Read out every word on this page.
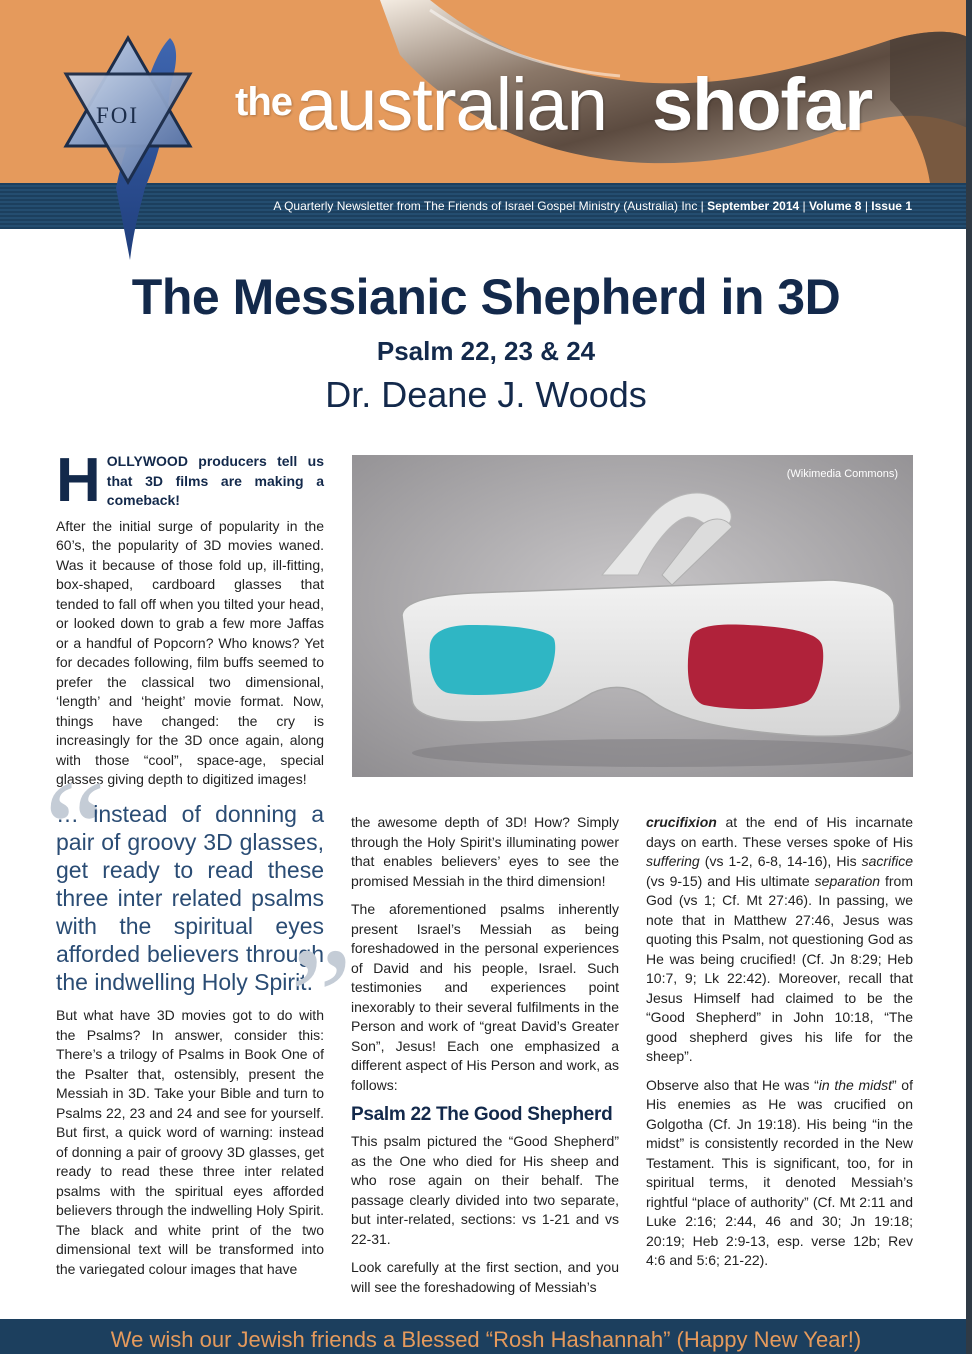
the australian shofar
A Quarterly Newsletter from The Friends of Israel Gospel Ministry (Australia) Inc | September 2014 | Volume 8 | Issue 1
FOI
The Messianic Shepherd in 3D
Psalm 22, 23 & 24
Dr. Deane J. Woods
H OLLYWOOD producers tell us that 3D films are making a comeback!

After the initial surge of popularity in the 60’s, the popularity of 3D movies waned. Was it because of those fold up, ill-fitting, box-shaped, cardboard glasses that tended to fall off when you tilted your head, or looked down to grab a few more Jaffas or a handful of Popcorn? Who knows? Yet for decades following, film buffs seemed to prefer the classical two dimensional, ‘length’ and ‘height’ movie format. Now, things have changed: the cry is increasingly for the 3D once again, along with those “cool”, space-age, special glasses giving depth to digitized images!

(Wikimedia Commons)
“
… instead of donning a pair of groovy 3D glasses, get ready to read these three inter related psalms with the spiritual eyes afforded believers through the indwelling Holy Spirit.
”

But what have 3D movies got to do with the Psalms? In answer, consider this: There’s a trilogy of Psalms in Book One of the Psalter that, ostensibly, present the Messiah in 3D. Take your Bible and turn to Psalms 22, 23 and 24 and see for yourself. But first, a quick word of warning: instead of donning a pair of groovy 3D glasses, get ready to read these three inter related psalms with the spiritual eyes afforded believers through the indwelling Holy Spirit. The black and white print of the two dimensional text will be transformed into the variegated colour images that have

the awesome depth of 3D! How? Simply through the Holy Spirit’s illuminating power that enables believers’ eyes to see the promised Messiah in the third dimension!

The aforementioned psalms inherently present Israel’s Messiah as being foreshadowed in the personal experiences of David and his people, Israel. Such testimonies and experiences point inexorably to their several fulfilments in the Person and work of “great David’s Greater Son”, Jesus! Each one emphasized a different aspect of His Person and work, as follows:

Psalm 22 The Good Shepherd

This psalm pictured the “Good Shepherd” as the One who died for His sheep and who rose again on their behalf. The passage clearly divided into two separate, but inter-related, sections: vs 1-21 and vs 22-31.

Look carefully at the first section, and you will see the foreshadowing of Messiah’s

crucifixion at the end of His incarnate days on earth. These verses spoke of His suffering (vs 1-2, 6-8, 14-16), His sacrifice (vs 9-15) and His ultimate separation from God (vs 1; Cf. Mt 27:46). In passing, we note that in Matthew 27:46, Jesus was quoting this Psalm, not questioning God as He was being crucified! (Cf. Jn 8:29; Heb 10:7, 9; Lk 22:42). Moreover, recall that Jesus Himself had claimed to be the “Good Shepherd” in John 10:18, “The good shepherd gives his life for the sheep”.

Observe also that He was “in the midst” of His enemies as He was crucified on Golgotha (Cf. Jn 19:18). His being “in the midst” is consistently recorded in the New Testament. This is significant, too, for in spiritual terms, it denoted Messiah’s rightful “place of authority” (Cf. Mt 2:11 and Luke 2:16; 2:44, 46 and 30; Jn 19:18; 20:19; Heb 2:9-13, esp. verse 12b; Rev 4:6 and 5:6; 21-22).

We wish our Jewish friends a Blessed “Rosh Hashannah” (Happy New Year!)
